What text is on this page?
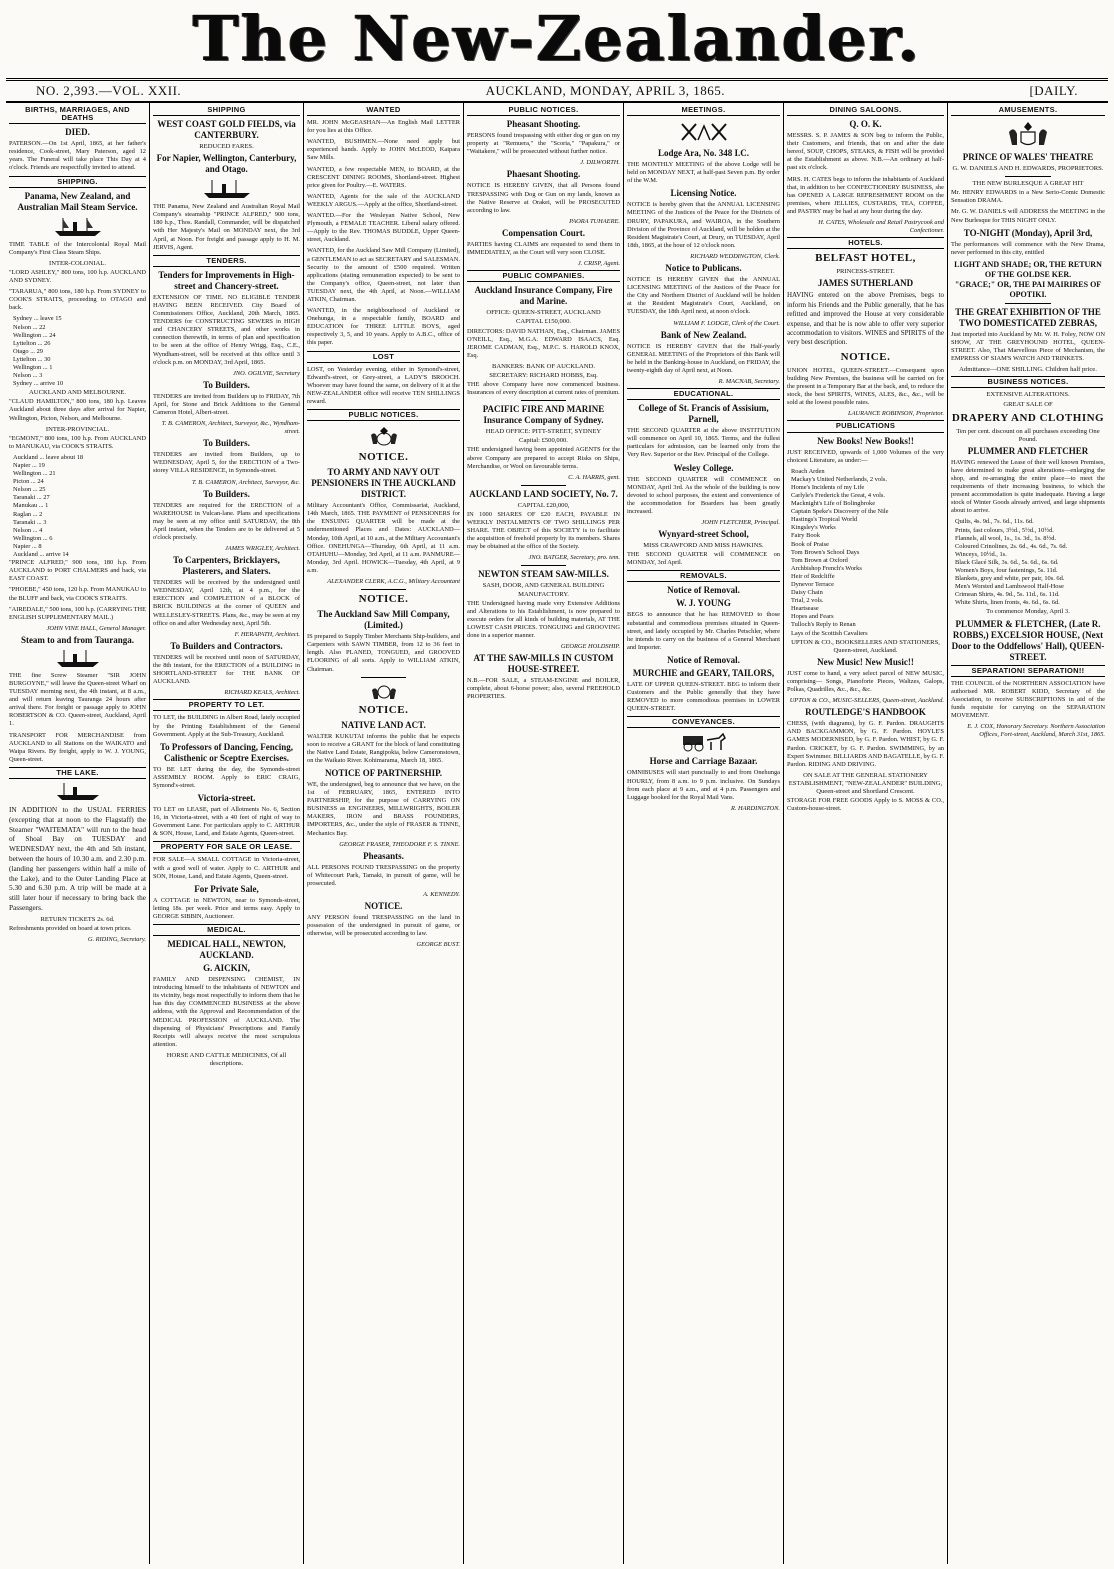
The New-Zealander.
NO. 2,393.—VOL. XXII.	AUCKLAND, MONDAY, APRIL 3, 1865.	[DAILY.
BIRTHS, MARRIAGES, AND DEATHS
DIED.
PATERSON.—On 1st April, 1865, at her father's residence, Cook-street, Mary Paterson, aged 12 years. The Funeral will take place This Day at 4 o'clock. Friends are respectfully invited to attend.
SHIPPING.
Panama, New Zealand, and Australian Mail Steam Service.
TIME TABLE of the Intercolonial Royal Mail Company's First Class Steam Ships.
INTER-COLONIAL.
"LORD ASHLEY," 800 tons, 100 h.p. AUCKLAND AND SYDNEY.
"TARARUA," 800 tons, 180 h.p. From SYDNEY to COOK'S STRAITS, proceeding to OTAGO and back.
Sydney ... leave 15
Nelson ... 22
Wellington ... 24
Lyttelton ... 26
Otago ... 29
Lyttelton ... 30
Wellington ... 1
Nelson ... 3
Sydney ... arrive 10
AUCKLAND AND MELBOURNE.
"CLAUD HAMILTON," 800 tons, 180 h.p. Leaves Auckland about three days after arrival for Napier, Wellington, Picton, Nelson, and Melbourne.
INTER-PROVINCIAL.
"EGMONT," 800 tons, 100 h.p. From AUCKLAND to MANUKAU, via COOK'S STRAITS.
Auckland ... leave about 18
Napier ... 19
Wellington ... 21
Picton ... 24
Nelson ... 25
Taranaki ... 27
Manukau ... 1
Raglan ... 2
Taranaki ... 3
Nelson ... 4
Wellington ... 6
Napier ... 8
Auckland ... arrive 14
"PRINCE ALFRED," 900 tons, 180 h.p. From AUCKLAND to PORT CHALMERS and back, via EAST COAST.
"PHOEBE," 450 tons, 120 h.p. From MANUKAU to the BLUFF and back, via COOK'S STRAITS.
"AIREDALE," 500 tons, 100 h.p. (CARRYING THE ENGLISH SUPPLEMENTARY MAIL.)
JOHN VINE HALL, General Manager.
Steam to and from Tauranga.
THE fine Screw Steamer "SIR JOHN BURGOYNE," will leave the Queen-street Wharf on TUESDAY morning next, the 4th instant, at 8 a.m., and will return leaving Tauranga 24 hours after arrival there. For freight or passage apply to JOHN ROBERTSON & CO. Queen-street, Auckland, April 1.
TRANSPORT FOR MERCHANDISE from AUCKLAND to all Stations on the WAIKATO and Waipa Rivers. By freight, apply to W. J. YOUNG, Queen-street.
THE LAKE.
IN ADDITION to the USUAL FERRIES (excepting that at noon to the Flagstaff) the Steamer "WAITEMATA" will run to the head of Shoal Bay on TUESDAY and WEDNESDAY next, the 4th and 5th instant, between the hours of 10.30 a.m. and 2.30 p.m. (landing her passengers within half a mile of the Lake), and to the Outer Landing Place at 5.30 and 6.30 p.m. A trip will be made at a still later hour if necessary to bring back the Passengers.
RETURN TICKETS 2s. 6d.
Refreshments provided on board at town prices.
G. RIDING, Secretary.
SHIPPING
WEST COAST GOLD FIELDS, via CANTERBURY.
REDUCED FARES.
For Napier, Wellington, Canterbury, and Otago.
THE Panama, New Zealand and Australian Royal Mail Company's steamship "PRINCE ALFRED," 900 tons, 180 h.p., Thos. Randall, Commander, will be dispatched with Her Majesty's Mail on MONDAY next, the 3rd April, at Noon. For freight and passage apply to H. M. JERVIS, Agent.
TENDERS.
Tenders for Improvements in High-street and Chancery-street.
EXTENSION OF TIME. NO ELIGIBLE TENDER HAVING BEEN RECEIVED. City Board of Commissioners Office, Auckland, 20th March, 1865. TENDERS for CONSTRUCTING SEWERS in HIGH and CHANCERY STREETS, and other works in connection therewith, in terms of plan and specification to be seen at the office of Henry Wrigg, Esq., C.E., Wyndham-street, will be received at this office until 3 o'clock p.m. on MONDAY, 3rd April, 1865.
JNO. OGILVIE, Secretary
To Builders.
TENDERS are invited from Builders up to FRIDAY, 7th April, for Stone and Brick Additions to the General Cameron Hotel, Albert-street.
T. B. CAMERON, Architect, Surveyor, &c., Wyndham-street.
To Builders.
TENDERS are invited from Builders, up to WEDNESDAY, April 5, for the ERECTION of a Two-storey VILLA RESIDENCE, in Symonds-street.
T. B. CAMERON, Architect, Surveyor, &c.
To Builders.
TENDERS are required for the ERECTION of a WAREHOUSE in Vulcan-lane. Plans and specifications may be seen at my office until SATURDAY, the 8th April instant, when the Tenders are to be delivered at 5 o'clock precisely.
JAMES WRIGLEY, Architect.
To Carpenters, Bricklayers, Plasterers, and Slaters.
TENDERS will be received by the undersigned until WEDNESDAY, April 12th, at 4 p.m., for the ERECTION and COMPLETION of a BLOCK of BRICK BUILDINGS at the corner of QUEEN and WELLESLEY-STREETS. Plans, &c., may be seen at my office on and after Wednesday next, April 5th.
F. HERAPATH, Architect.
To Builders and Contractors.
TENDERS will be received until noon of SATURDAY, the 8th instant, for the ERECTION of a BUILDING in SHORTLAND-STREET for THE BANK OF AUCKLAND.
RICHARD KEALS, Architect.
PROPERTY TO LET.
TO LET, the BUILDING in Albert Road, lately occupied by the Printing Establishment of the General Government. Apply at the Sub-Treasury, Auckland.
To Professors of Dancing, Fencing, Calisthenic or Sceptre Exercises.
TO BE LET during the day, the Symonds-street ASSEMBLY ROOM. Apply to ERIC CRAIG, Symond's-street.
Victoria-street.
TO LET on LEASE, part of Allotments No. 6, Section 16, in Victoria-street, with a 40 feet of right of way to Government Lane. For particulars apply to C. ARTHUR & SON, House, Land, and Estate Agents, Queen-street.
PROPERTY FOR SALE OR LEASE.
FOR SALE—A SMALL COTTAGE in Victoria-street, with a good well of water. Apply to C. ARTHUR and SON, House, Land, and Estate Agents, Queen-street.
For Private Sale,
A COTTAGE in NEWTON, near to Symonds-street, letting 18s. per week. Price and terms easy. Apply to GEORGE SIBBIN, Auctioneer.
MEDICAL.
MEDICAL HALL, NEWTON, AUCKLAND.
G. AICKIN,
FAMILY AND DISPENSING CHEMIST, IN introducing himself to the inhabitants of NEWTON and its vicinity, begs most respectfully to inform them that he has this day COMMENCED BUSINESS at the above address, with the Approval and Recommendation of the MEDICAL PROFESSION of AUCKLAND. The dispensing of Physicians' Prescriptions and Family Receipts will always receive the most scrupulous attention.
HORSE AND CATTLE MEDICINES, Of all descriptions.
WANTED
MR. JOHN McGEASHAN—An English Mail LETTER for you lies at this Office.
WANTED, BUSHMEN.—None need apply but experienced hands. Apply to JOHN McLEOD, Kaipara Saw Mills.
WANTED, a few respectable MEN, to BOARD, at the CRESCENT DINING ROOMS, Shortland-street. Highest price given for Poultry.—E. WATERS.
WANTED, Agents for the sale of the AUCKLAND WEEKLY ARGUS.—Apply at the office, Shortland-street.
WANTED.—For the Wesleyan Native School, New Plymouth, a FEMALE TEACHER. Liberal salary offered.—Apply to the Rev. THOMAS BUDDLE, Upper Queen-street, Auckland.
WANTED, for the Auckland Saw Mill Company (Limited), a GENTLEMAN to act as SECRETARY and SALESMAN. Security to the amount of £500 required. Written applications (stating remuneration expected) to be sent to the Company's office, Queen-street, not later than TUESDAY next, the 4th April, at Noon.—WILLIAM ATKIN, Chairman.
WANTED, in the neighbourhood of Auckland or Onehunga, in a respectable family, BOARD and EDUCATION for THREE LITTLE BOYS, aged respectively 3, 5, and 10 years. Apply to A.B.C., office of this paper.
LOST
LOST, on Yesterday evening, either in Symond's-street, Edward's-street, or Grey-street, a LADY'S BROOCH. Whoever may have found the same, on delivery of it at the NEW-ZEALANDER office will receive TEN SHILLINGS reward.
PUBLIC NOTICES.
NOTICE.
TO ARMY AND NAVY OUT PENSIONERS IN THE AUCKLAND DISTRICT.
Military Accountant's Office, Commissariat, Auckland, 14th March, 1865. THE PAYMENT of PENSIONERS for the ENSUING QUARTER will be made at the undermentioned Places and Dates: AUCKLAND—Monday, 10th April, at 10 a.m., at the Military Accountant's Office. ONEHUNGA—Thursday, 6th April, at 11 a.m. OTAHUHU—Monday, 3rd April, at 11 a.m. PANMURE—Monday, 3rd April. HOWICK—Tuesday, 4th April, at 9 a.m.
ALEXANDER CLERK, A.C.G., Military Accountant
NOTICE.
The Auckland Saw Mill Company, (Limited.)
IS prepared to Supply Timber Merchants Ship-builders, and Carpenters with SAWN TIMBER, from 12 to 36 feet in length. Also PLANED, TONGUED, and GROOVED FLOORING of all sorts. Apply to WILLIAM ATKIN, Chairman.
NOTICE.
NATIVE LAND ACT.
WALTER KUKUTAI informs the public that he expects soon to receive a GRANT for the block of land constituting the Native Land Estate, Rangipokia, below Cameronstown, on the Waikato River. Kohimarama, March 18, 1865.
NOTICE OF PARTNERSHIP.
WE, the undersigned, beg to announce that we have, on the 1st of FEBRUARY, 1865, ENTERED INTO PARTNERSHIP, for the purpose of CARRYING ON BUSINESS as ENGINEERS, MILLWRIGHTS, BOILER MAKERS, IRON and BRASS FOUNDERS, IMPORTERS, &c., under the style of FRASER & TINNE, Mechanics Bay.
GEORGE FRASER, THEODORE F. S. TINNE.
Pheasants.
ALL PERSONS FOUND TRESPASSING on the property of Whitecourt Park, Tamaki, in pursuit of game, will be prosecuted.
A. KENNEDY.
NOTICE.
ANY PERSON found TRESPASSING on the land in possession of the undersigned in pursuit of game, or otherwise, will be prosecuted according to law.
GEORGE BUST.
PUBLIC NOTICES.
Pheasant Shooting.
PERSONS found trespassing with either dog or gun on my property at "Remuera," the "Scoria," "Papakura," or "Waitakere," will be prosecuted without further notice.
J. DILWORTH.
Phaesant Shooting.
NOTICE IS HEREBY GIVEN, that all Persons found TRESPASSING with Dog or Gun on my lands, known as the Native Reserve at Orakei, will be PROSECUTED according to law.
PAORA TUHAERE.
Compensation Court.
PARTIES having CLAIMS are requested to send them in IMMEDIATELY, as the Court will very soon CLOSE.
J. CRISP, Agent.
PUBLIC COMPANIES.
Auckland Insurance Company, Fire and Marine.
OFFICE: QUEEN-STREET, AUCKLAND
CAPITAL £150,000.
DIRECTORS: DAVID NATHAN, Esq., Chairman. JAMES O'NEILL, Esq., M.G.A. EDWARD ISAACS, Esq. JEROME CADMAN, Esq., M.P.C. S. HAROLD KNOX, Esq.
BANKERS: BANK OF AUCKLAND.
SECRETARY: RICHARD HOBBS, Esq.
THE above Company have now commenced business. Insurances of every description at current rates of premium.
PACIFIC FIRE AND MARINE Insurance Company of Sydney.
HEAD OFFICE: PITT-STREET, SYDNEY
Capital: £500,000.
THE undersigned having been appointed AGENTS for the above Company are prepared to accept Risks on Ships, Merchandise, or Wool on favourable terms.
C. A. HARRIS, gent.
AUCKLAND LAND SOCIETY, No. 7.
CAPITAL £20,000,
IN 1000 SHARES OF £20 EACH, PAYABLE IN WEEKLY INSTALMENTS OF TWO SHILLINGS PER SHARE. THE OBJECT of this SOCIETY is to facilitate the acquisition of freehold property by its members. Shares may be obtained at the office of the Society.
JNO. BATGER, Secretary, pro. tem.
NEWTON STEAM SAW-MILLS.
SASH, DOOR, AND GENERAL BUILDING MANUFACTORY.
THE Undersigned having made very Extensive Additions and Alterations to his Establishment, is now prepared to execute orders for all kinds of building materials, AT THE LOWEST CASH PRICES. TONGUING and GROOVING done in a superior manner.
GEORGE HOLDSHIP.
AT THE SAW-MILLS IN CUSTOM HOUSE-STREET.
N.B.—FOR SALE, a STEAM-ENGINE and BOILER, complete, about 6-horse power; also, several FREEHOLD PROPERTIES.
MEETINGS.
Lodge Ara, No. 348 I.C.
THE MONTHLY MEETING of the above Lodge will be held on MONDAY NEXT, at half-past Seven p.m. By order of the W.M.
Licensing Notice.
NOTICE is hereby given that the ANNUAL LICENSING MEETING of the Justices of the Peace for the Districts of DRURY, PAPAKURA, and WAIROA, in the Southern Division of the Province of Auckland, will be holden at the Resident Magistrate's Court, at Drury, on TUESDAY, April 18th, 1865, at the hour of 12 o'clock noon.
RICHARD WEDDINGTON, Clerk.
Notice to Publicans.
NOTICE IS HEREBY GIVEN that the ANNUAL LICENSING MEETING of the Justices of the Peace for the City and Northern District of Auckland will be holden at the Resident Magistrate's Court, Auckland, on TUESDAY, the 18th April next, at noon o'clock.
WILLIAM F. LODGE, Clerk of the Court.
Bank of New Zealand.
NOTICE IS HEREBY GIVEN that the Half-yearly GENERAL MEETING of the Proprietors of this Bank will be held in the Banking-house in Auckland, on FRIDAY, the twenty-eighth day of April next, at Noon.
R. MACNAB, Secretary.
EDUCATIONAL.
College of St. Francis of Assisium, Parnell,
THE SECOND QUARTER at the above INSTITUTION will commence on April 10, 1865. Terms, and the fullest particulars for admission, can be learned only from the Very Rev. Superior or the Rev. Principal of the College.
Wesley College.
THE SECOND QUARTER will COMMENCE on MONDAY, April 3rd. As the whole of the building is now devoted to school purposes, the extent and convenience of the accommodation for Boarders has been greatly increased.
JOHN FLETCHER, Principal.
Wynyard-street School,
MISS CRAWFORD AND MISS HAWKINS.
THE SECOND QUARTER will COMMENCE on MONDAY, 3rd April.
REMOVALS.
Notice of Removal.
W. J. YOUNG
BEGS to announce that he has REMOVED to those substantial and commodious premises situated in Queen-street, and lately occupied by Mr. Charles Petschler, where he intends to carry on the business of a General Merchant and Importer.
Notice of Removal.
MURCHIE and GEARY, TAILORS,
LATE OF UPPER QUEEN-STREET. BEG to inform their Customers and the Public generally that they have REMOVED to more commodious premises in LOWER QUEEN-STREET.
CONVEYANCES.
Horse and Carriage Bazaar.
OMNIBUSES will start punctually to and from Onehunga HOURLY, from 8 a.m. to 9 p.m. inclusive. On Sundays from each place at 9 a.m., and at 4 p.m. Passengers and Luggage booked for the Royal Mail Vans.
R. HARDINGTON.
DINING SALOONS.
Q. O. K.
MESSRS. S. P. JAMES & SON beg to inform the Public, their Customers, and friends, that on and after the date hereof, SOUP, CHOPS, STEAKS, & FISH will be provided at the Establishment as above. N.B.—An ordinary at half-past six o'clock.
MRS. H. CATES begs to inform the inhabitants of Auckland that, in addition to her CONFECTIONERY BUSINESS, she has OPENED A LARGE REFRESHMENT ROOM on the premises, where JELLIES, CUSTARDS, TEA, COFFEE, and PASTRY may be had at any hour during the day.
H. CATES, Wholesale and Retail Pastrycook and Confectioner.
HOTELS.
BELFAST HOTEL,
PRINCESS-STREET.
JAMES SUTHERLAND
HAVING entered on the above Premises, begs to inform his Friends and the Public generally, that he has refitted and improved the House at very considerable expense, and that he is now able to offer very superior accommodation to visitors. WINES and SPIRITS of the very best description.
NOTICE.
UNION HOTEL, QUEEN-STREET.—Consequent upon building New Premises, the business will be carried on for the present in a Temporary Bar at the back, and, to reduce the stock, the best SPIRITS, WINES, ALES, &c., &c., will be sold at the lowest possible rates.
LAURANCE ROBINSON, Proprietor.
PUBLICATIONS
New Books! New Books!!
JUST RECEIVED, upwards of 1,000 Volumes of the very choicest Literature, as under:—
Roach Arden
Mackay's United Netherlands, 2 vols.
Home's Incidents of my Life
Carlyle's Frederick the Great, 4 vols.
Macknight's Life of Bolingbroke
Captain Speke's Discovery of the Nile
Hastings's Tropical World
Kingsley's Works
Fairy Book
Book of Praise
Tom Brown's School Days
Tom Brown at Oxford
Archbishop French's Works
Heir of Redcliffe
Dynevor Terrace
Daisy Chain
Trial, 2 vols.
Heartsease
Hopes and Fears
Tulloch's Reply to Renan
Lays of the Scottish Cavaliers
UPTON & CO., BOOKSELLERS AND STATIONERS, Queen-street, Auckland.
New Music! New Music!!
JUST come to hand, a very select parcel of NEW MUSIC, comprising— Songs, Pianoforte Pieces, Waltzes, Galops, Polkas, Quadrilles, &c., &c., &c.
UPTON & CO., MUSIC-SELLERS, Queen-street, Auckland.
ROUTLEDGE'S HANDBOOK
CHESS, (with diagrams), by G. F. Pardon. DRAUGHTS AND BACKGAMMON, by G. F. Pardon. HOYLE'S GAMES MODERNISED, by G. F. Pardon. WHIST, by G. F. Pardon. CRICKET, by G. F. Pardon. SWIMMING, by an Expert Swimmer. BILLIARDS AND BAGATELLE, by G. F. Pardon. RIDING AND DRIVING.
ON SALE AT THE GENERAL STATIONERY ESTABLISHMENT, "NEW-ZEALANDER" BUILDING, Queen-street and Shortland Crescent.
STORAGE FOR FREE GOODS Apply to S. MOSS & CO., Custom-house-street.
AMUSEMENTS.
PRINCE OF WALES' THEATRE
G. W. DANIELS AND H. EDWARDS, PROPRIETORS.
THE NEW BURLESQUE A GREAT HIT
Mr. HENRY EDWARDS in a New Serio-Comic Domestic Sensation DRAMA.
Mr. G. W. DANIELS will ADDRESS the MEETING in the New Burlesque for THIS NIGHT ONLY.
TO-NIGHT (Monday), April 3rd,
The performances will commence with the New Drama, never performed in this city, entitled
LIGHT AND SHADE; OR, THE RETURN OF THE GOLDSE KER.
"GRACE;" OR, THE PAI MAIRIRES OF OPOTIKI.
THE GREAT EXHIBITION OF THE TWO DOMESTICATED ZEBRAS,
Just imported into Auckland by Mr. W. H. Foley, NOW ON SHOW, AT THE GREYHOUND HOTEL, QUEEN-STREET. Also, That Marvellous Piece of Mechanism, the EMPRESS OF SIAM'S WATCH AND TRINKETS.
Admittance—ONE SHILLING. Children half price.
BUSINESS NOTICES.
EXTENSIVE ALTERATIONS.
GREAT SALE OF
DRAPERY AND CLOTHING
Ten per cent. discount on all purchases exceeding One Pound.
PLUMMER AND FLETCHER
HAVING renewed the Lease of their well known Premises, have determined to make great alterations—enlarging the shop, and re-arranging the entire place—to meet the requirements of their increasing business, to which the present accommodation is quite inadequate. Having a large stock of Winter Goods already arrived, and large shipments about to arrive.
Quilts, 4s. 9d., 7s. 6d., 11s. 6d.
Prints, fast colours, 3½d., 5½d., 10½d.
Flannels, all wool, 1s., 1s. 3d., 1s. 8½d.
Coloured Crinolines, 2s. 6d., 4s. 6d., 7s. 6d.
Winceys, 10½d., 1s.
Black Glacé Silk, 3s. 6d., 5s. 6d., 6s. 6d.
Women's Boys, four fastenings, 5s. 11d.
Blankets, grey and white, per pair, 10s. 6d.
Men's Worsted and Lambswool Half-Hose
Crimean Shirts, 4s. 9d., 5s. 11d., 6s. 11d.
White Shirts, linen fronts, 4s. 6d., 6s. 6d.
To commence Monday, April 3.
PLUMMER & FLETCHER, (Late R. ROBBS,) EXCELSIOR HOUSE, (Next Door to the Oddfellows' Hall), QUEEN-STREET.
SEPARATION! SEPARATION!!
THE COUNCIL of the NORTHERN ASSOCIATION have authorised MR. ROBERT KIDD, Secretary of the Association, to receive SUBSCRIPTIONS in aid of the funds requisite for carrying on the SEPARATION MOVEMENT.
E. J. COX, Honorary Secretary. Northern Association Offices, Fort-street, Auckland, March 31st, 1865.
